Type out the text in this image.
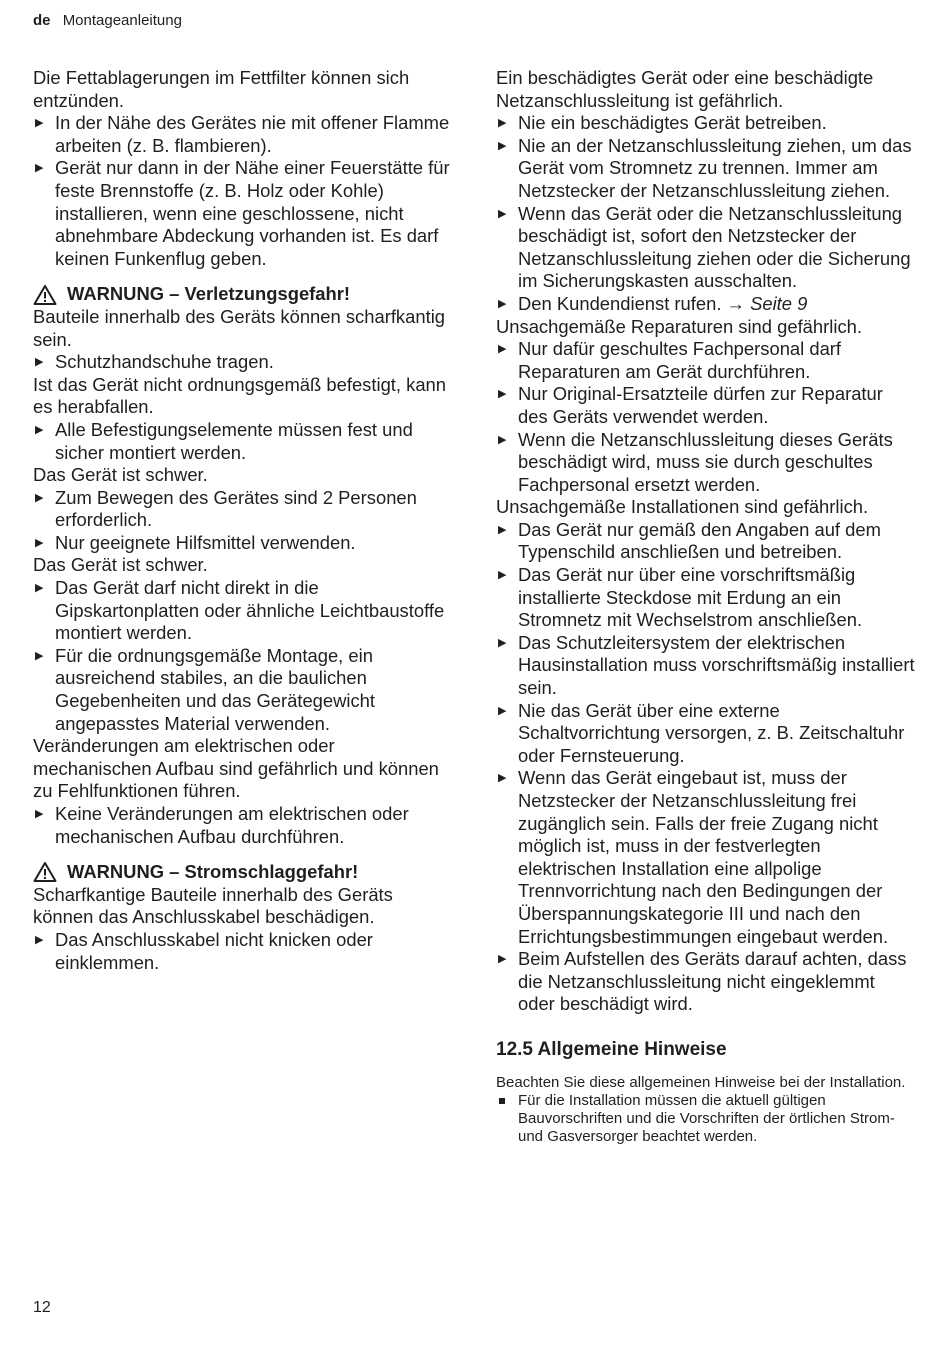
de Montageanleitung
Die Fettablagerungen im Fettfilter können sich entzünden.
▶ In der Nähe des Gerätes nie mit offener Flamme arbeiten (z. B. flambieren).
▶ Gerät nur dann in der Nähe einer Feuerstätte für feste Brennstoffe (z. B. Holz oder Kohle) installieren, wenn eine geschlossene, nicht abnehmbare Abdeckung vorhanden ist. Es darf keinen Funkenflug geben.
WARNUNG – Verletzungsgefahr!
Bauteile innerhalb des Geräts können scharfkantig sein.
▶ Schutzhandschuhe tragen.
Ist das Gerät nicht ordnungsgemäß befestigt, kann es herabfallen.
▶ Alle Befestigungselemente müssen fest und sicher montiert werden.
Das Gerät ist schwer.
▶ Zum Bewegen des Gerätes sind 2 Personen erforderlich.
▶ Nur geeignete Hilfsmittel verwenden.
Das Gerät ist schwer.
▶ Das Gerät darf nicht direkt in die Gipskartonplatten oder ähnliche Leichtbaustoffe montiert werden.
▶ Für die ordnungsgemäße Montage, ein ausreichend stabiles, an die baulichen Gegebenheiten und das Gerätegewicht angepasstes Material verwenden.
Veränderungen am elektrischen oder mechanischen Aufbau sind gefährlich und können zu Fehlfunktionen führen.
▶ Keine Veränderungen am elektrischen oder mechanischen Aufbau durchführen.
WARNUNG – Stromschlaggefahr!
Scharfkantige Bauteile innerhalb des Geräts können das Anschlusskabel beschädigen.
▶ Das Anschlusskabel nicht knicken oder einklemmen.
Ein beschädigtes Gerät oder eine beschädigte Netzanschlussleitung ist gefährlich.
▶ Nie ein beschädigtes Gerät betreiben.
▶ Nie an der Netzanschlussleitung ziehen, um das Gerät vom Stromnetz zu trennen. Immer am Netzstecker der Netzanschlussleitung ziehen.
▶ Wenn das Gerät oder die Netzanschlussleitung beschädigt ist, sofort den Netzstecker der Netzanschlussleitung ziehen oder die Sicherung im Sicherungskasten ausschalten.
▶ Den Kundendienst rufen. → Seite 9
Unsachgemäße Reparaturen sind gefährlich.
▶ Nur dafür geschultes Fachpersonal darf Reparaturen am Gerät durchführen.
▶ Nur Original-Ersatzteile dürfen zur Reparatur des Geräts verwendet werden.
▶ Wenn die Netzanschlussleitung dieses Geräts beschädigt wird, muss sie durch geschultes Fachpersonal ersetzt werden.
Unsachgemäße Installationen sind gefährlich.
▶ Das Gerät nur gemäß den Angaben auf dem Typenschild anschließen und betreiben.
▶ Das Gerät nur über eine vorschriftsmäßig installierte Steckdose mit Erdung an ein Stromnetz mit Wechselstrom anschließen.
▶ Das Schutzleitersystem der elektrischen Hausinstallation muss vorschriftsmäßig installiert sein.
▶ Nie das Gerät über eine externe Schaltvorrichtung versorgen, z. B. Zeitschaltuhr oder Fernsteuerung.
▶ Wenn das Gerät eingebaut ist, muss der Netzstecker der Netzanschlussleitung frei zugänglich sein. Falls der freie Zugang nicht möglich ist, muss in der festverlegten elektrischen Installation eine allpolige Trennvorrichtung nach den Bedingungen der Überspannungskategorie III und nach den Errichtungsbestimmungen eingebaut werden.
▶ Beim Aufstellen des Geräts darauf achten, dass die Netzanschlussleitung nicht eingeklemmt oder beschädigt wird.
12.5 Allgemeine Hinweise
Beachten Sie diese allgemeinen Hinweise bei der Installation.
Für die Installation müssen die aktuell gültigen Bauvorschriften und die Vorschriften der örtlichen Strom- und Gasversorger beachtet werden.
12
